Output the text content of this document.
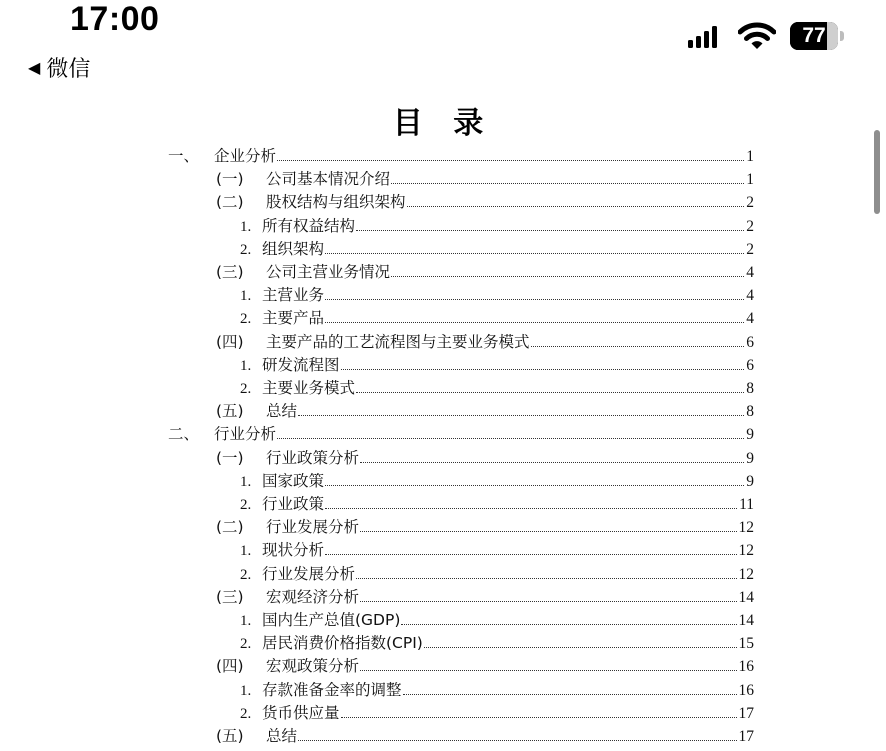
17:00
◀ 微信
77
目 录
一、 企业分析	1
(一)	公司基本情况介绍	1
(二)	股权结构与组织架构	2
1. 所有权益结构	2
2. 组织架构	2
(三)	公司主营业务情况	4
1. 主营业务	4
2. 主要产品	4
(四)	主要产品的工艺流程图与主要业务模式	6
1. 研发流程图	6
2. 主要业务模式	8
(五)	总结	8
二、 行业分析	9
(一)	行业政策分析	9
1. 国家政策	9
2. 行业政策	11
(二)	行业发展分析	12
1. 现状分析	12
2. 行业发展分析	12
(三)	宏观经济分析	14
1. 国内生产总值(GDP)	14
2. 居民消费价格指数(CPI)	15
(四)	宏观政策分析	16
1. 存款准备金率的调整	16
2. 货币供应量	17
(五)	总结	17
